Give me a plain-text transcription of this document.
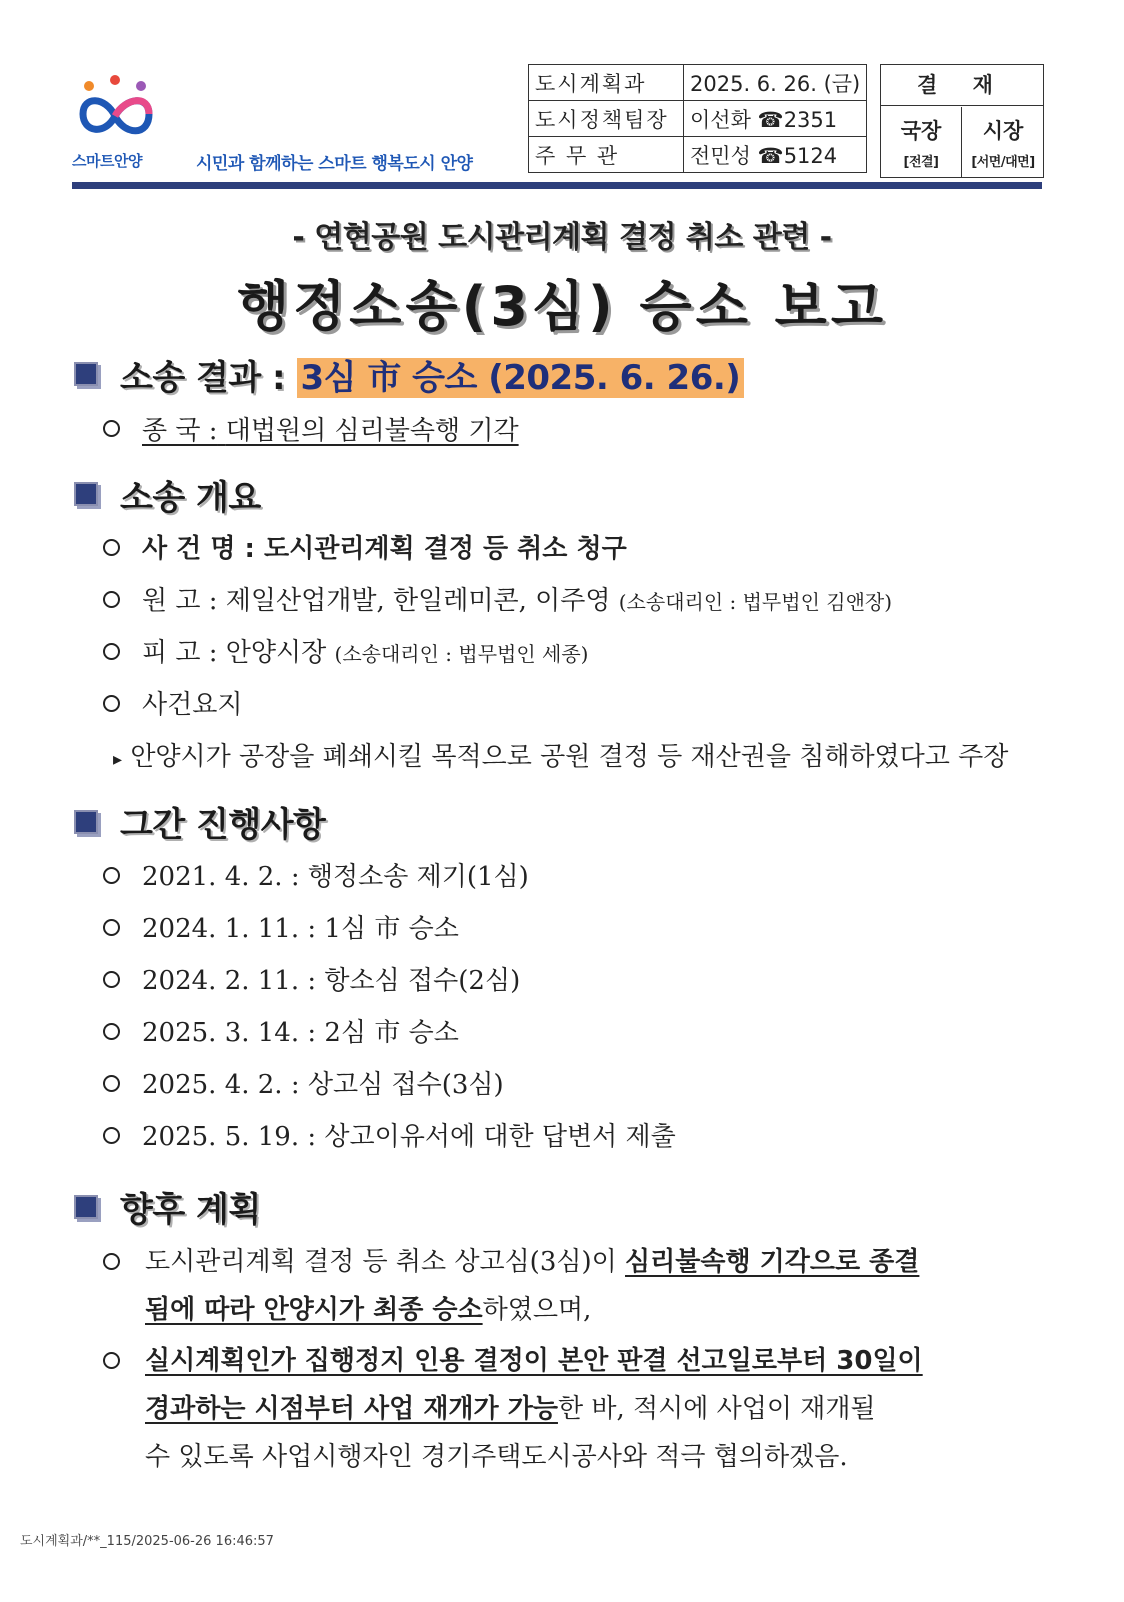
스마트안양	시민과 함께하는 스마트 행복도시 안양
도시계획과	2025. 6. 26. (금)
도시정책팀장	이선화 ☎2351
주 무 관	전민성 ☎5124
결 재
국장
[전결]
시장
[서면/대면]
- 연현공원 도시관리계획 결정 취소 관련 -
행정소송(3심) 승소 보고
소송 결과 : 3심 市 승소 (2025. 6. 26.)
종 국 : 대법원의 심리불속행 기각
소송 개요
사 건 명 : 도시관리계획 결정 등 취소 청구
원 고 : 제일산업개발, 한일레미콘, 이주영 (소송대리인 : 법무법인 김앤장)
피 고 : 안양시장 (소송대리인 : 법무법인 세종)
사건요지
▸ 안양시가 공장을 폐쇄시킬 목적으로 공원 결정 등 재산권을 침해하였다고 주장
그간 진행사항
2021. 4. 2. : 행정소송 제기(1심)
2024. 1. 11. : 1심 市 승소
2024. 2. 11. : 항소심 접수(2심)
2025. 3. 14. : 2심 市 승소
2025. 4. 2. : 상고심 접수(3심)
2025. 5. 19. : 상고이유서에 대한 답변서 제출
향후 계획
도시관리계획 결정 등 취소 상고심(3심)이 심리불속행 기각으로 종결
됨에 따라 안양시가 최종 승소하였으며,
실시계획인가 집행정지 인용 결정이 본안 판결 선고일로부터 30일이
경과하는 시점부터 사업 재개가 가능한 바, 적시에 사업이 재개될
수 있도록 사업시행자인 경기주택도시공사와 적극 협의하겠음.
도시계획과/**_115/2025-06-26 16:46:57
